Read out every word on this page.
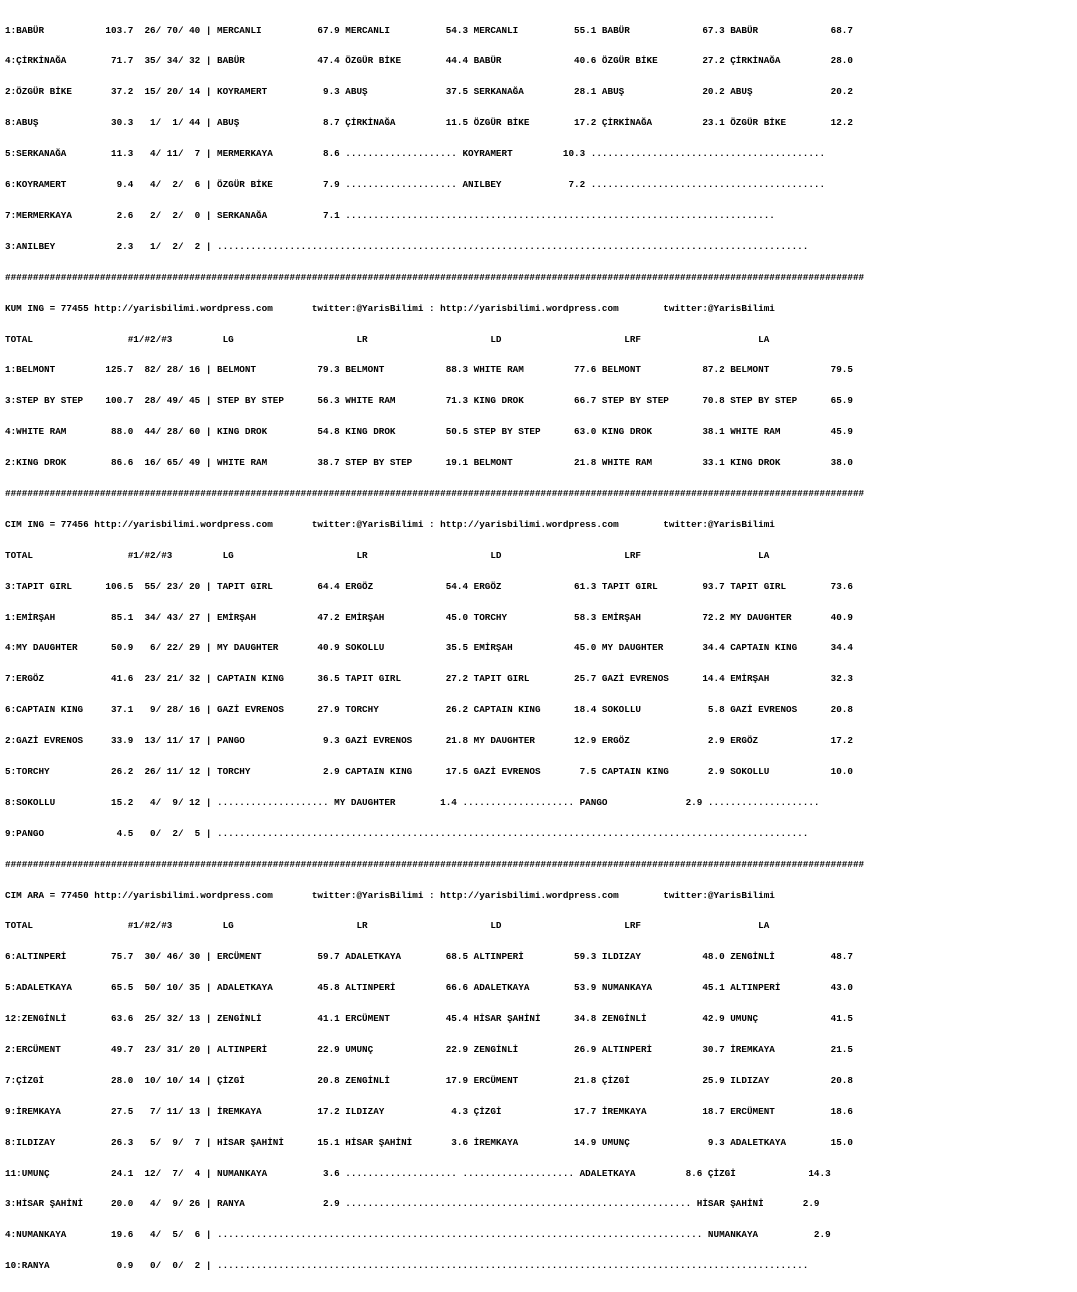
1:BABÜR           103.7  26/ 70/ 40 | MERCANLI          67.9 MERCANLI          54.3 MERCANLI          55.1 BABÜR             67.3 BABÜR             68.7

4:ÇİRKİNAĞA        71.7  35/ 34/ 32 | BABÜR             47.4 ÖZGÜR BİKE        44.4 BABÜR             40.6 ÖZGÜR BİKE        27.2 ÇİRKİNAĞA         28.0

2:ÖZGÜR BİKE       37.2  15/ 20/ 14 | KOYRAMERT          9.3 ABUŞ              37.5 SERKANAĞA         28.1 ABUŞ              20.2 ABUŞ              20.2

8:ABUŞ             30.3   1/  1/ 44 | ABUŞ               8.7 ÇİRKİNAĞA         11.5 ÖZGÜR BİKE        17.2 ÇİRKİNAĞA         23.1 ÖZGÜR BİKE        12.2

5:SERKANAĞA        11.3   4/ 11/  7 | MERMERKAYA         8.6 .................... KOYRAMERT         10.3 ..........................................

6:KOYRAMERT         9.4   4/  2/  6 | ÖZGÜR BİKE         7.9 .................... ANILBEY            7.2 ..........................................

7:MERMERKAYA        2.6   2/  2/  0 | SERKANAĞA          7.1 .............................................................................

3:ANILBEY           2.3   1/  2/  2 | ..........................................................................................................

##########################################################################################################################################################

KUM ING = 77455 http://yarisbilimi.wordpress.com       twitter:@YarisBilimi : http://yarisbilimi.wordpress.com        twitter:@YarisBilimi

TOTAL                 #1/#2/#3         LG                      LR                      LD                      LRF                     LA

1:BELMONT         125.7  82/ 28/ 16 | BELMONT           79.3 BELMONT           88.3 WHITE RAM         77.6 BELMONT           87.2 BELMONT           79.5

3:STEP BY STEP    100.7  28/ 49/ 45 | STEP BY STEP      56.3 WHITE RAM         71.3 KING DROK         66.7 STEP BY STEP      70.8 STEP BY STEP      65.9

4:WHITE RAM        88.0  44/ 28/ 60 | KING DROK         54.8 KING DROK         50.5 STEP BY STEP      63.0 KING DROK         38.1 WHITE RAM         45.9

2:KING DROK        86.6  16/ 65/ 49 | WHITE RAM         38.7 STEP BY STEP      19.1 BELMONT           21.8 WHITE RAM         33.1 KING DROK         38.0

##########################################################################################################################################################

CIM ING = 77456 http://yarisbilimi.wordpress.com       twitter:@YarisBilimi : http://yarisbilimi.wordpress.com        twitter:@YarisBilimi

TOTAL                 #1/#2/#3         LG                      LR                      LD                      LRF                     LA

3:TAPIT GIRL      106.5  55/ 23/ 20 | TAPIT GIRL        64.4 ERGÖZ             54.4 ERGÖZ             61.3 TAPIT GIRL        93.7 TAPIT GIRL        73.6

1:EMİRŞAH          85.1  34/ 43/ 27 | EMİRŞAH           47.2 EMİRŞAH           45.0 TORCHY            58.3 EMİRŞAH           72.2 MY DAUGHTER       40.9

4:MY DAUGHTER      50.9   6/ 22/ 29 | MY DAUGHTER       40.9 SOKOLLU           35.5 EMİRŞAH           45.0 MY DAUGHTER       34.4 CAPTAIN KING      34.4

7:ERGÖZ            41.6  23/ 21/ 32 | CAPTAIN KING      36.5 TAPIT GIRL        27.2 TAPIT GIRL        25.7 GAZİ EVRENOS      14.4 EMİRŞAH           32.3

6:CAPTAIN KING     37.1   9/ 28/ 16 | GAZİ EVRENOS      27.9 TORCHY            26.2 CAPTAIN KING      18.4 SOKOLLU            5.8 GAZİ EVRENOS      20.8

2:GAZİ EVRENOS     33.9  13/ 11/ 17 | PANGO              9.3 GAZİ EVRENOS      21.8 MY DAUGHTER       12.9 ERGÖZ              2.9 ERGÖZ             17.2

5:TORCHY           26.2  26/ 11/ 12 | TORCHY             2.9 CAPTAIN KING      17.5 GAZİ EVRENOS       7.5 CAPTAIN KING       2.9 SOKOLLU           10.0

8:SOKOLLU          15.2   4/  9/ 12 | .................... MY DAUGHTER        1.4 .................... PANGO              2.9 ....................

9:PANGO             4.5   0/  2/  5 | ..........................................................................................................

##########################################################################################################################################################

CIM ARA = 77450 http://yarisbilimi.wordpress.com       twitter:@YarisBilimi : http://yarisbilimi.wordpress.com        twitter:@YarisBilimi

TOTAL                 #1/#2/#3         LG                      LR                      LD                      LRF                     LA

6:ALTINPERİ        75.7  30/ 46/ 30 | ERCÜMENT          59.7 ADALETKAYA        68.5 ALTINPERİ         59.3 ILDIZAY           48.0 ZENGİNLİ          48.7

5:ADALETKAYA       65.5  50/ 10/ 35 | ADALETKAYA        45.8 ALTINPERİ         66.6 ADALETKAYA        53.9 NUMANKAYA         45.1 ALTINPERİ         43.0

12:ZENGİNLİ        63.6  25/ 32/ 13 | ZENGİNLİ          41.1 ERCÜMENT          45.4 HİSAR ŞAHİNİ      34.8 ZENGİNLİ          42.9 UMUNÇ             41.5

2:ERCÜMENT         49.7  23/ 31/ 20 | ALTINPERİ         22.9 UMUNÇ             22.9 ZENGİNLİ          26.9 ALTINPERİ         30.7 İREMKAYA          21.5

7:ÇİZGİ            28.0  10/ 10/ 14 | ÇİZGİ             20.8 ZENGİNLİ          17.9 ERCÜMENT          21.8 ÇİZGİ             25.9 ILDIZAY           20.8

9:İREMKAYA         27.5   7/ 11/ 13 | İREMKAYA          17.2 ILDIZAY            4.3 ÇİZGİ             17.7 İREMKAYA          18.7 ERCÜMENT          18.6

8:ILDIZAY          26.3   5/  9/  7 | HİSAR ŞAHİNİ      15.1 HİSAR ŞAHİNİ       3.6 İREMKAYA          14.9 UMUNÇ              9.3 ADALETKAYA        15.0

11:UMUNÇ           24.1  12/  7/  4 | NUMANKAYA          3.6 .................... .................... ADALETKAYA         8.6 ÇİZGİ             14.3

3:HİSAR ŞAHİNİ     20.0   4/  9/ 26 | RANYA              2.9 .............................................................. HİSAR ŞAHİNİ       2.9

4:NUMANKAYA        19.6   4/  5/  6 | ....................................................................................... NUMANKAYA          2.9

10:RANYA            0.9   0/  0/  2 | ..........................................................................................................
